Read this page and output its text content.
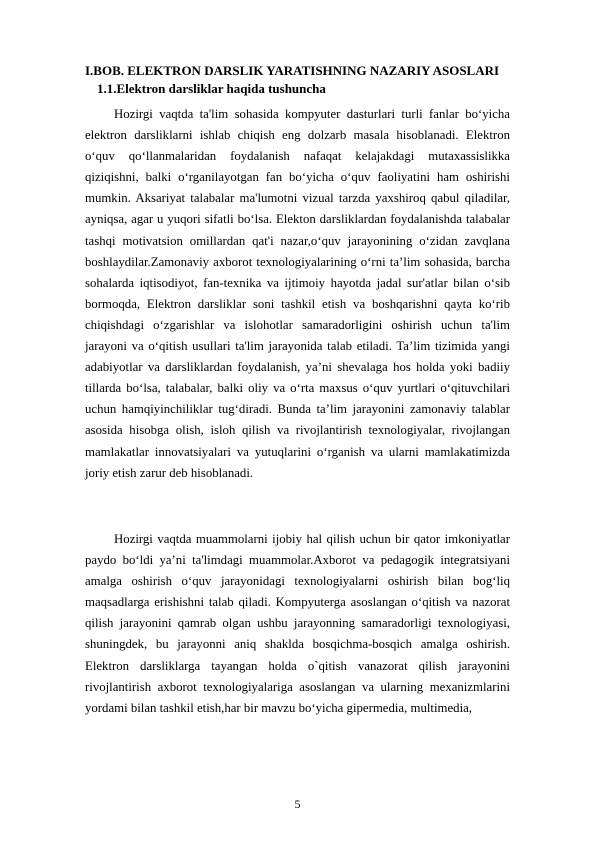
I.BOB. ELEKTRON DARSLIK YARATISHNING NAZARIY ASOSLARI
1.1.Elektron darsliklar haqida tushuncha

Hozirgi vaqtda ta'lim sohasida kompyuter dasturlari turli fanlar bo‘yicha elektron darsliklarni ishlab chiqish eng dolzarb masala hisoblanadi. Elektron o‘quv qo‘llanmalaridan foydalanish nafaqat kelajakdagi mutaxassislikka qiziqishni, balki o‘rganilayotgan fan bo‘yicha o‘quv faoliyatini ham oshirishi mumkin. Aksariyat talabalar ma'lumotni vizual tarzda yaxshiroq qabul qiladilar, ayniqsa, agar u yuqori sifatli bo‘lsa. Elekton darsliklardan foydalanishda talabalar tashqi motivatsion omillardan qat'i nazar,o‘quv jarayonining o‘zidan zavqlana boshlaydilar.Zamonaviy axborot texnologiyalarining o‘rni ta’lim sohasida, barcha sohalarda iqtisodiyot, fan-texnika va ijtimoiy hayotda jadal sur'atlar bilan o‘sib bormoqda, Elektron darsliklar soni tashkil etish va boshqarishni qayta ko‘rib chiqishdagi o‘zgarishlar va islohotlar samaradorligini oshirish uchun ta'lim jarayoni va o‘qitish usullari ta'lim jarayonida talab etiladi. Ta’lim tizimida yangi adabiyotlar va darsliklardan foydalanish, ya’ni shevalaga hos holda yoki badiiy tillarda bo‘lsa, talabalar, balki oliy va o‘rta maxsus o‘quv yurtlari o‘qituvchilari uchun hamqiyinchiliklar tug‘diradi. Bunda ta’lim jarayonini zamonaviy talablar asosida hisobga olish, isloh qilish va rivojlantirish texnologiyalar, rivojlangan mamlakatlar innovatsiyalari va yutuqlarini o‘rganish va ularni mamlakatimizda joriy etish zarur deb hisoblanadi.

Hozirgi vaqtda muammolarni ijobiy hal qilish uchun bir qator imkoniyatlar paydo bo‘ldi ya’ni ta'limdagi muammolar.Axborot va pedagogik integratsiyani amalga oshirish o‘quv jarayonidagi texnologiyalarni oshirish bilan bog‘liq maqsadlarga erishishni talab qiladi. Kompyuterga asoslangan o‘qitish va nazorat qilish jarayonini qamrab olgan ushbu jarayonning samaradorligi texnologiyasi, shuningdek, bu jarayonni aniq shaklda bosqichma-bosqich amalga oshirish. Elektron darsliklarga tayangan holda o`qitish vanazorat qilish jarayonini rivojlantirish axborot texnologiyalariga asoslangan va ularning mexanizmlarini yordami bilan tashkil etish,har bir mavzu bo‘yicha gipermedia, multimedia,

5
